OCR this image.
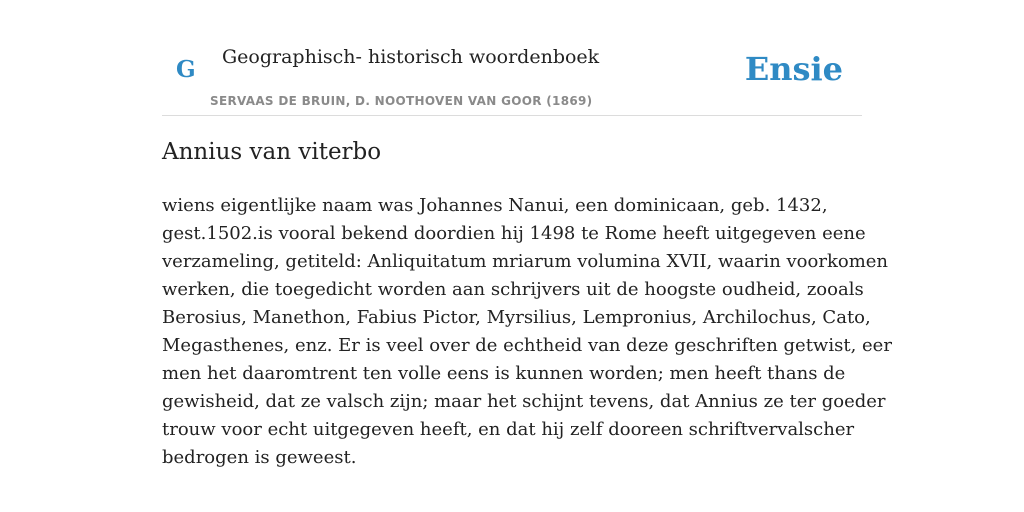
G Geographisch- historisch woordenboek
SERVAAS DE BRUIN, D. NOOTHOVEN VAN GOOR (1869)
Ensie
Annius van viterbo
wiens eigentlijke naam was Johannes Nanui, een dominicaan, geb. 1432,
gest.1502.is vooral bekend doordien hij 1498 te Rome heeft uitgegeven eene
verzameling, getiteld: Anliquitatum mriarum volumina XVII, waarin voorkomen
werken, die toegedicht worden aan schrijvers uit de hoogste oudheid, zooals
Berosius, Manethon, Fabius Pictor, Myrsilius, Lempronius, Archilochus, Cato,
Megasthenes, enz. Er is veel over de echtheid van deze geschriften getwist, eer
men het daaromtrent ten volle eens is kunnen worden; men heeft thans de
gewisheid, dat ze valsch zijn; maar het schijnt tevens, dat Annius ze ter goeder
trouw voor echt uitgegeven heeft, en dat hij zelf dooreen schriftvervalscher
bedrogen is geweest.
